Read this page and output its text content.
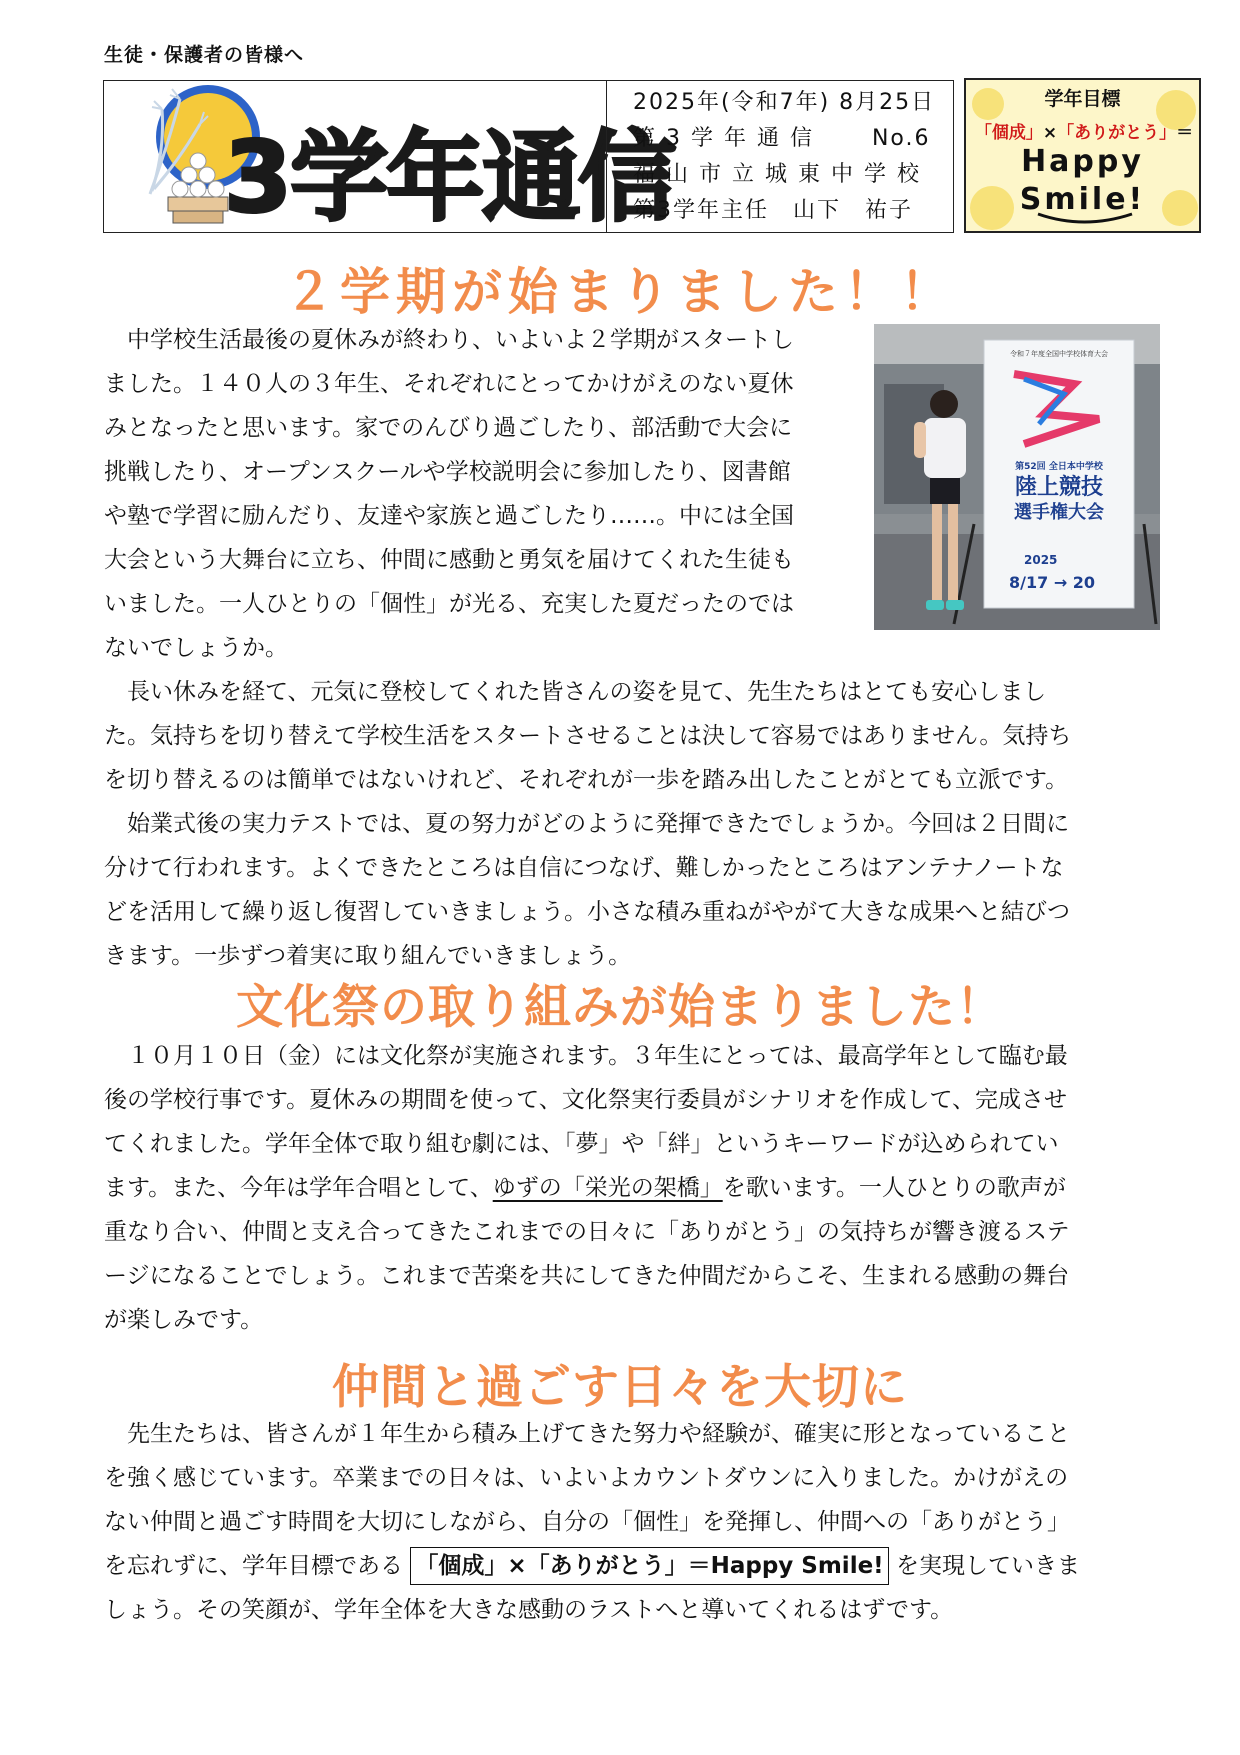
生徒・保護者の皆様へ
3学年通信
2025年(令和7年) 8月25日
第 3 学 年 通 信	No.6
福 山 市 立 城 東 中 学 校
第3学年主任　山下　祐子
学年目標
「個成」×「ありがとう」＝
Happy
Smile!
２学期が始まりました！！
　中学校生活最後の夏休みが終わり、いよいよ２学期がスタートし
ました。１４０人の３年生、それぞれにとってかけがえのない夏休
みとなったと思います。家でのんびり過ごしたり、部活動で大会に
挑戦したり、オープンスクールや学校説明会に参加したり、図書館
や塾で学習に励んだり、友達や家族と過ごしたり……。中には全国
大会という大舞台に立ち、仲間に感動と勇気を届けてくれた生徒も
いました。一人ひとりの「個性」が光る、充実した夏だったのでは
ないでしょうか。
令和７年度全国中学校体育大会
第52回 全日本中学校
陸上競技
選手権大会
2025
8/17 → 20
　長い休みを経て、元気に登校してくれた皆さんの姿を見て、先生たちはとても安心しまし
た。気持ちを切り替えて学校生活をスタートさせることは決して容易ではありません。気持ち
を切り替えるのは簡単ではないけれど、それぞれが一歩を踏み出したことがとても立派です。
　始業式後の実力テストでは、夏の努力がどのように発揮できたでしょうか。今回は２日間に
分けて行われます。よくできたところは自信につなげ、難しかったところはアンテナノートな
どを活用して繰り返し復習していきましょう。小さな積み重ねがやがて大きな成果へと結びつ
きます。一歩ずつ着実に取り組んでいきましょう。
文化祭の取り組みが始まりました！
　１０月１０日（金）には文化祭が実施されます。３年生にとっては、最高学年として臨む最
後の学校行事です。夏休みの期間を使って、文化祭実行委員がシナリオを作成して、完成させ
てくれました。学年全体で取り組む劇には、「夢」や「絆」というキーワードが込められてい
ます。また、今年は学年合唱として、ゆずの「栄光の架橋」を歌います。一人ひとりの歌声が
重なり合い、仲間と支え合ってきたこれまでの日々に「ありがとう」の気持ちが響き渡るステ
ージになることでしょう。これまで苦楽を共にしてきた仲間だからこそ、生まれる感動の舞台
が楽しみです。
仲間と過ごす日々を大切に
　先生たちは、皆さんが１年生から積み上げてきた努力や経験が、確実に形となっていること
を強く感じています。卒業までの日々は、いよいよカウントダウンに入りました。かけがえの
ない仲間と過ごす時間を大切にしながら、自分の「個性」を発揮し、仲間への「ありがとう」
を忘れずに、学年目標である 「個成」×「ありがとう」＝Happy Smile! を実現していきま
しょう。その笑顔が、学年全体を大きな感動のラストへと導いてくれるはずです。
